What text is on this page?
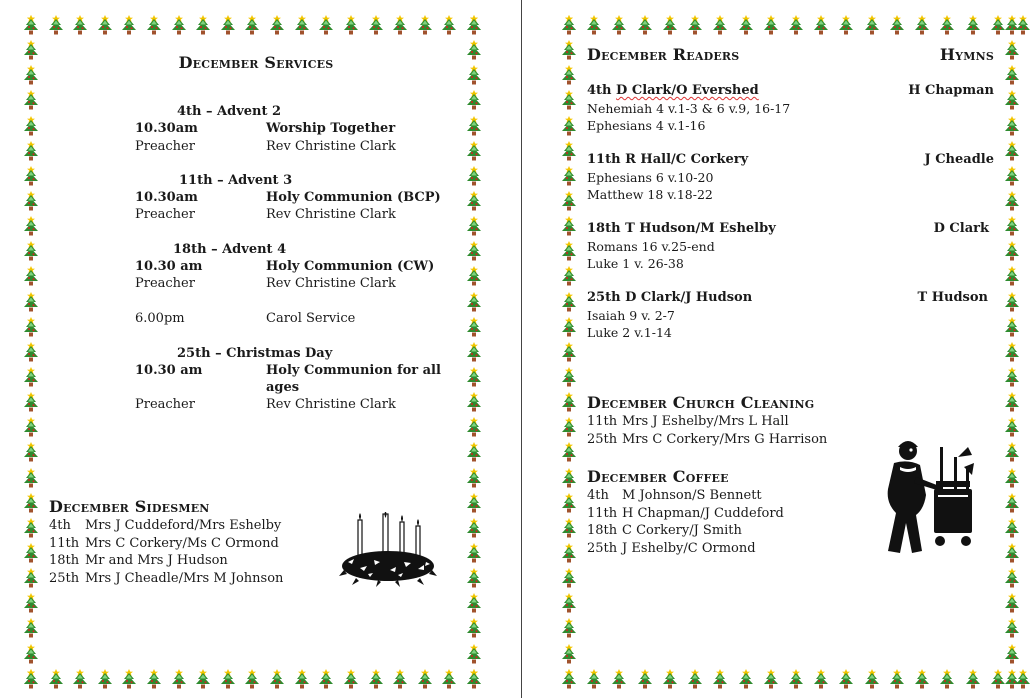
December Services
4th – Advent 2
10.30am	Worship Together
Preacher	Rev Christine Clark
11th – Advent 3
10.30am	Holy Communion (BCP)
Preacher	Rev Christine Clark
18th – Advent 4
10.30 am	Holy Communion (CW)
Preacher	Rev Christine Clark
6.00pm	Carol Service
25th – Christmas Day
10.30 am	Holy Communion for all
ages
Preacher	Rev Christine Clark
December Sidesmen
4th Mrs J Cuddeford/Mrs Eshelby
11th Mrs C Corkery/Ms C Ormond
18th Mr and Mrs J Hudson
25th Mrs J Cheadle/Mrs M Johnson
December Readers	Hymns
4th D Clark/O Evershed	H Chapman
Nehemiah 4 v.1-3 & 6 v.9, 16-17
Ephesians 4 v.1-16
11th R Hall/C Corkery	J Cheadle
Ephesians 6 v.10-20
Matthew 18 v.18-22
18th T Hudson/M Eshelby	D Clark
Romans 16 v.25-end
Luke 1 v. 26-38
25th D Clark/J Hudson	T Hudson
Isaiah 9 v. 2-7
Luke 2 v.1-14
December Church Cleaning
11th Mrs J Eshelby/Mrs L Hall
25th Mrs C Corkery/Mrs G Harrison
December Coffee
4th M Johnson/S Bennett
11th H Chapman/J Cuddeford
18th C Corkery/J Smith
25th J Eshelby/C Ormond
